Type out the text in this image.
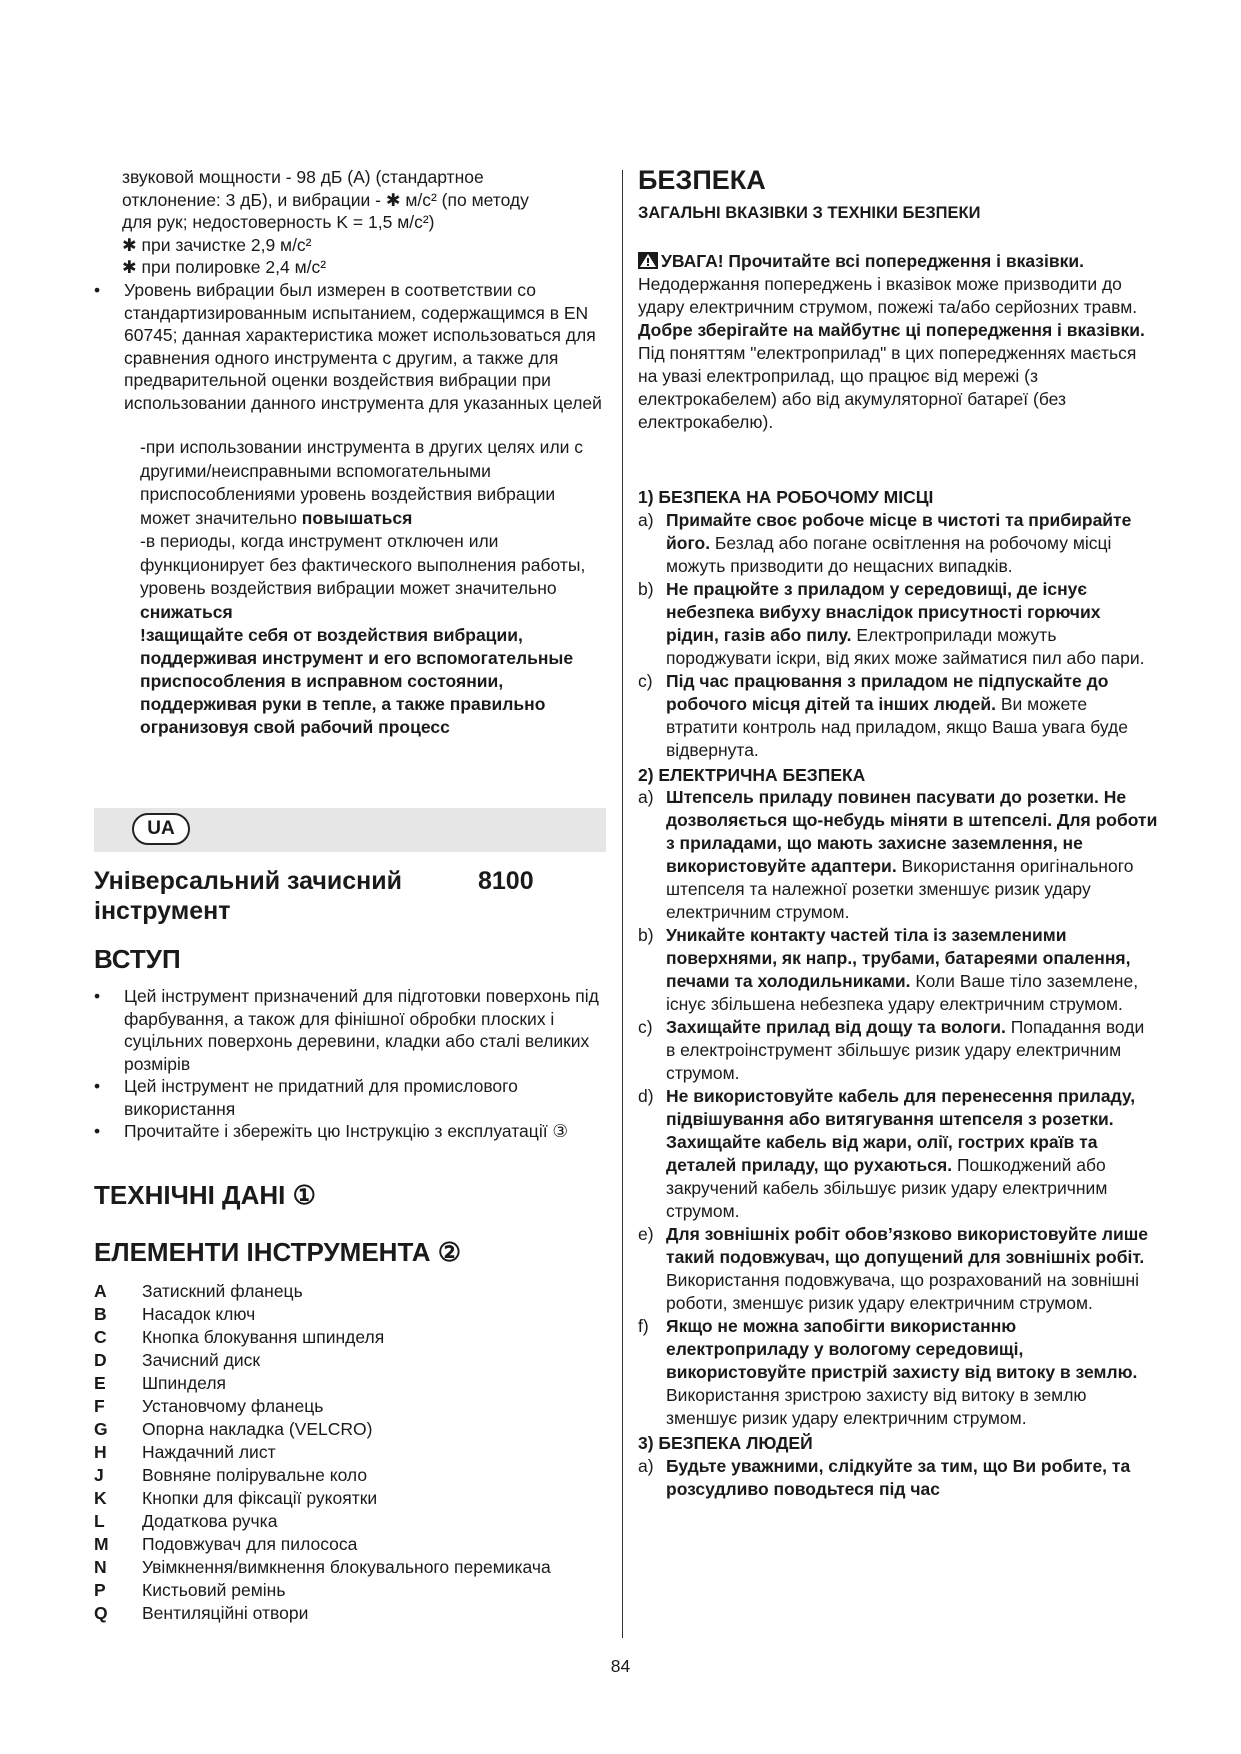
звуковой мощности - 98 дБ (A) (стандартное

отклонение: 3 дБ), и вибрации - ✱ м/c² (по методу

для рук; недостоверность K = 1,5 м/c²)

✱ при зачистке 2,9 м/с²

✱ при полировке 2,4 м/с²

• Уровень вибрации был измерен в соответствии со стандартизированным испытанием, содержащимся в EN 60745; данная характеристика может использоваться для сравнения одного инструмента с другим, а также для предварительной оценки воздействия вибрации при использовании данного инструмента для указанных целей
-при использовании инструмента в других целях или с другими/неисправными вспомогательными приспособлениями уровень воздействия вибрации может значительно повышаться
-в периоды, когда инструмент отключен или функционирует без фактического выполнения работы, уровень воздействия вибрации может значительно снижаться
!защищайте себя от воздействия вибрации, поддерживая инструмент и его вспомогательные приспособления в исправном состоянии, поддерживая руки в тепле, а также правильно огранизовуя свой рабочий процесс
UA
Універсальний зачисний	8100
інструмент
ВСТУП
• Цей інструмент призначений для підготовки поверхонь під фарбування, а також для фінішної обробки плоских і суцільних поверхонь деревини, кладки або сталі великих розмірів
• Цей інструмент не придатний для промислового використання
• Прочитайте і збережіть цю Інструкцію з експлуатації ③
ТЕХНІЧНІ ДАНІ ①
ЕЛЕМЕНТИ ІНСТРУМЕНТА ②
A	Затискний фланець
B	Насадок ключ
C	Кнопка блокування шпинделя
D	Зачисний диск
E	Шпинделя
F	Установчому фланець
G	Опорна накладка (VELCRO)
H	Наждачний лист
J	Вовняне полірувальне коло
K	Кнопки для фіксації рукоятки
L	Додаткова ручка
M	Подовжувач для пилососа
N	Увімкнення/вимкнення блокувального перемикача
P	Кистьовий ремінь
Q	Вентиляційні отвори
БЕЗПЕКА
ЗАГАЛЬНІ ВКАЗІВКИ З ТЕХНІКИ БЕЗПЕКИ
УВАГА! Прочитайте всі попередження і вказівки. Недодержання попереджень і вказівок може призводити до удару електричним струмом, пожежі та/або серйозних травм. Добре зберігайте на майбутнє ці попередження і вказівки. Під поняттям "електроприлад" в цих попередженнях мається на увазі електроприлад, що працює від мережі (з електрокабелем) або від акумуляторної батареї (без електрокабелю).
1) БЕЗПЕКА НА РОБОЧОМУ МІСЦІ
a) Примайте своє робоче місце в чистоті та прибирайте його. Безлад або погане освітлення на робочому місці можуть призводити до нещасних випадків.
b) Не працюйте з приладом у середовищі, де існує небезпека вибуху внаслідок присутності горючих рідин, газів або пилу. Електроприлади можуть породжувати іскри, від яких може займатися пил або пари.
c) Під час працювання з приладом не підпускайте до робочого місця дітей та інших людей. Ви можете втратити контроль над приладом, якщо Ваша увага буде відвернута.
2) ЕЛЕКТРИЧНА БЕЗПЕКА
a) Штепсель приладу повинен пасувати до розетки. Не дозволяється що-небудь міняти в штепселі. Для роботи з приладами, що мають захисне заземлення, не використовуйте адаптери. Використання оригінального штепселя та належної розетки зменшує ризик удару електричним струмом.
b) Уникайте контакту частей тіла із заземленими поверхнями, як напр., трубами, батареями опалення, печами та холодильниками. Коли Ваше тіло заземлене, існує збільшена небезпека удару електричним струмом.
c) Захищайте прилад від дощу та вологи. Попадання води в електроінструмент збільшує ризик удару електричним струмом.
d) Не використовуйте кабель для перенесення приладу, підвішування або витягування штепселя з розетки. Захищайте кабель від жари, олії, гострих країв та деталей приладу, що рухаються. Пошкоджений або закручений кабель збільшує ризик удару електричним струмом.
e) Для зовнішніх робіт обов’язково використовуйте лише такий подовжувач, що допущений для зовнішніх робіт. Використання подовжувача, що розрахований на зовнішні роботи, зменшує ризик удару електричним струмом.
f) Якщо не можна запобігти використанню електроприладу у вологому середовищі, використовуйте пристрій захисту від витоку в землю. Використання зристрою захисту від витоку в землю зменшує ризик удару електричним струмом.
3) БЕЗПЕКА ЛЮДЕЙ
a) Будьте уважними, слідкуйте за тим, що Ви робите, та розсудливо поводьтеся під час
84
